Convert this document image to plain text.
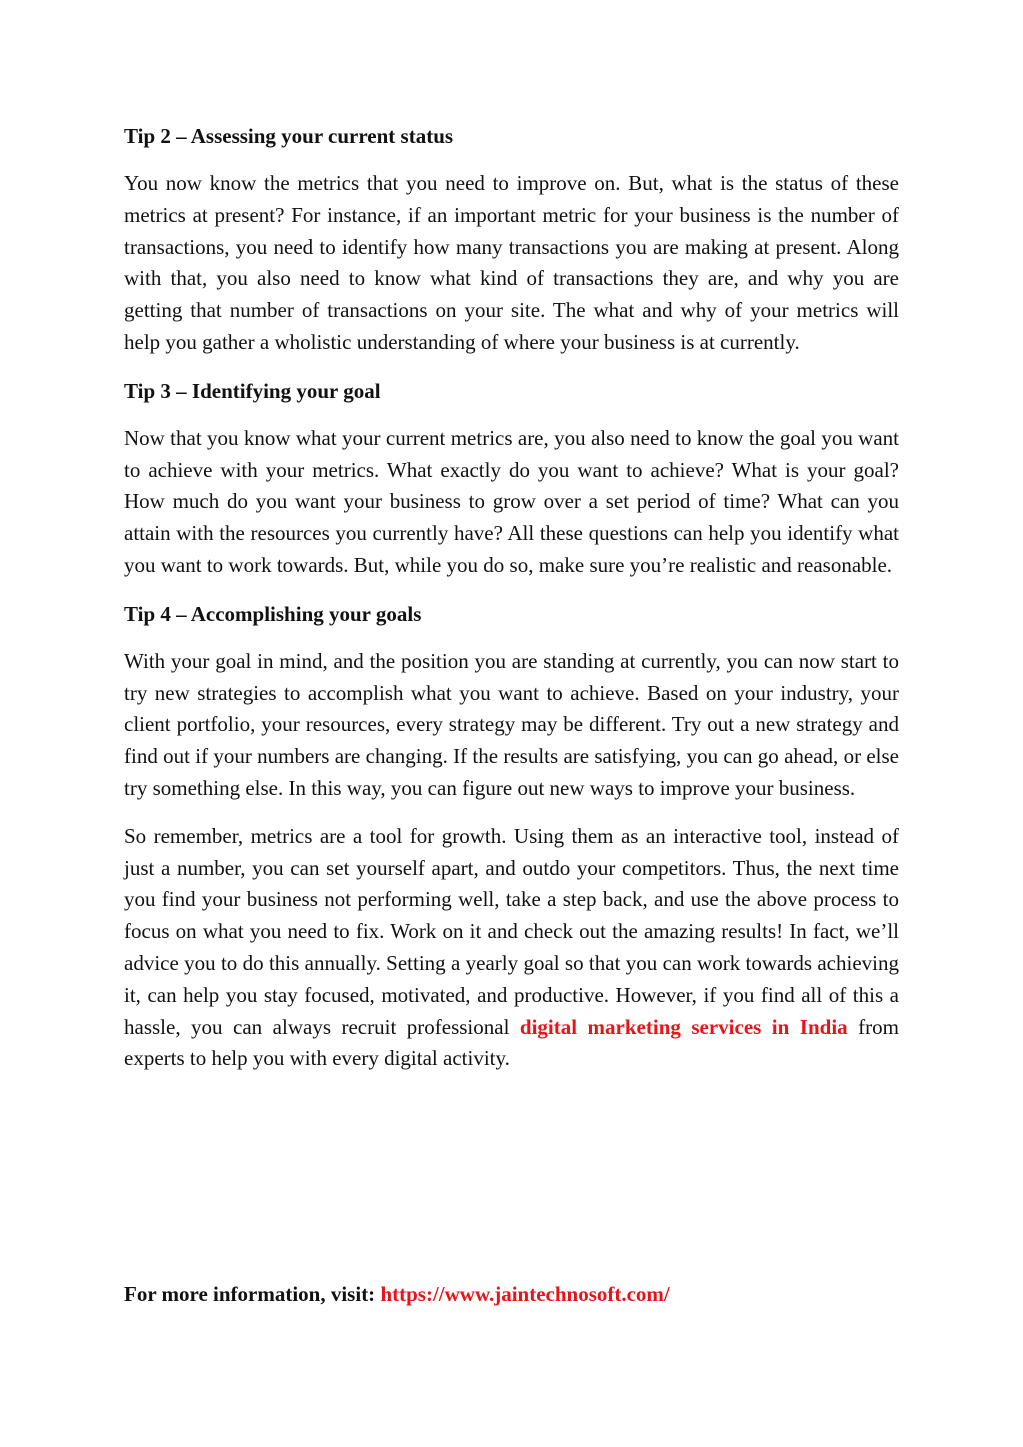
Tip 2 – Assessing your current status

You now know the metrics that you need to improve on. But, what is the status of these metrics at present? For instance, if an important metric for your business is the number of transactions, you need to identify how many transactions you are making at present. Along with that, you also need to know what kind of transactions they are, and why you are getting that number of transactions on your site. The what and why of your metrics will help you gather a wholistic understanding of where your business is at currently.

Tip 3 – Identifying your goal

Now that you know what your current metrics are, you also need to know the goal you want to achieve with your metrics. What exactly do you want to achieve? What is your goal? How much do you want your business to grow over a set period of time? What can you attain with the resources you currently have? All these questions can help you identify what you want to work towards. But, while you do so, make sure you’re realistic and reasonable.

Tip 4 – Accomplishing your goals

With your goal in mind, and the position you are standing at currently, you can now start to try new strategies to accomplish what you want to achieve. Based on your industry, your client portfolio, your resources, every strategy may be different. Try out a new strategy and find out if your numbers are changing. If the results are satisfying, you can go ahead, or else try something else. In this way, you can figure out new ways to improve your business.

So remember, metrics are a tool for growth. Using them as an interactive tool, instead of just a number, you can set yourself apart, and outdo your competitors. Thus, the next time you find your business not performing well, take a step back, and use the above process to focus on what you need to fix. Work on it and check out the amazing results! In fact, we’ll advice you to do this annually. Setting a yearly goal so that you can work towards achieving it, can help you stay focused, motivated, and productive. However, if you find all of this a hassle, you can always recruit professional digital marketing services in India from experts to help you with every digital activity.

For more information, visit: https://www.jaintechnosoft.com/
